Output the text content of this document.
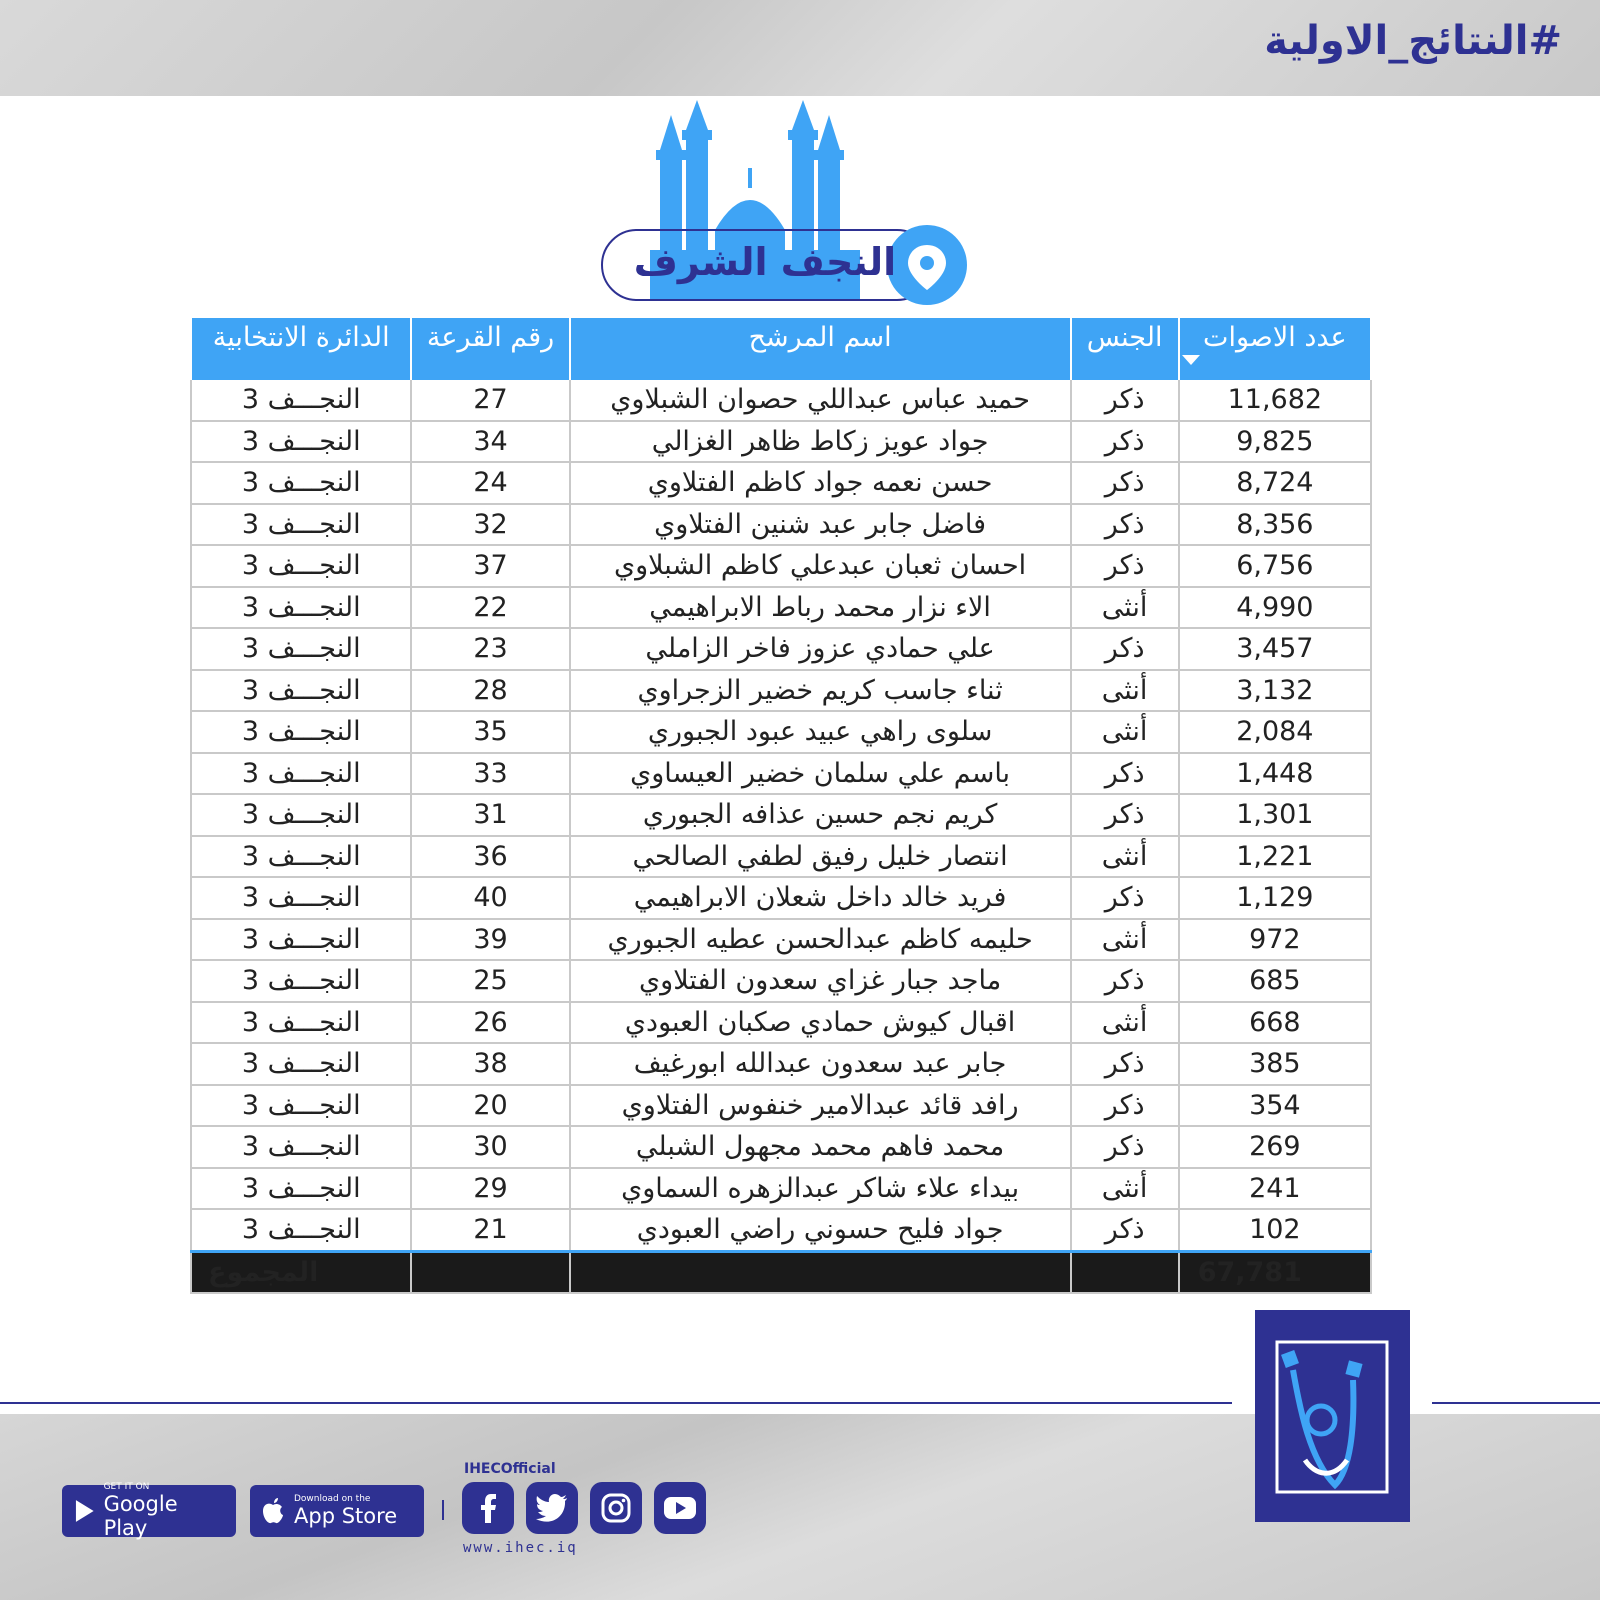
#النتائج_الاولية
النجف الشرف
عدد الاصوات	الجنس	اسم المرشح	رقم القرعة	الدائرة الانتخابية
11,682	ذكر	حميد عباس عبداللي حصوان الشبلاوي	27	النجـــف 3
9,825	ذكر	جواد عويز زكاط ظاهر الغزالي	34	النجـــف 3
8,724	ذكر	حسن نعمه جواد كاظم الفتلاوي	24	النجـــف 3
8,356	ذكر	فاضل جابر عبد شنين الفتلاوي	32	النجـــف 3
6,756	ذكر	احسان ثعبان عبدعلي كاظم الشبلاوي	37	النجـــف 3
4,990	أنثى	الاء نزار محمد رباط الابراهيمي	22	النجـــف 3
3,457	ذكر	علي حمادي عزوز فاخر الزاملي	23	النجـــف 3
3,132	أنثى	ثناء جاسب كريم خضير الزجراوي	28	النجـــف 3
2,084	أنثى	سلوى راهي عبيد عبود الجبوري	35	النجـــف 3
1,448	ذكر	باسم علي سلمان خضير العيساوي	33	النجـــف 3
1,301	ذكر	كريم نجم حسين عذافه الجبوري	31	النجـــف 3
1,221	أنثى	انتصار خليل رفيق لطفي الصالحي	36	النجـــف 3
1,129	ذكر	فريد خالد داخل شعلان الابراهيمي	40	النجـــف 3
972	أنثى	حليمه كاظم عبدالحسن عطيه الجبوري	39	النجـــف 3
685	ذكر	ماجد جبار غزاي سعدون الفتلاوي	25	النجـــف 3
668	أنثى	اقبال كيوش حمادي صكبان العبودي	26	النجـــف 3
385	ذكر	جابر عبد سعدون عبدالله ابورغيف	38	النجـــف 3
354	ذكر	رافد قائد عبدالامير خنفوس الفتلاوي	20	النجـــف 3
269	ذكر	محمد فاهم محمد مجهول الشبلي	30	النجـــف 3
241	أنثى	بيداء علاء شاكر عبدالزهره السماوي	29	النجـــف 3
102	ذكر	جواد فليح حسوني راضي العبودي	21	النجـــف 3
67,781				المجموع
GET IT ON
Google Play
Download on the
App Store
IHECOfficial
www.ihec.iq
